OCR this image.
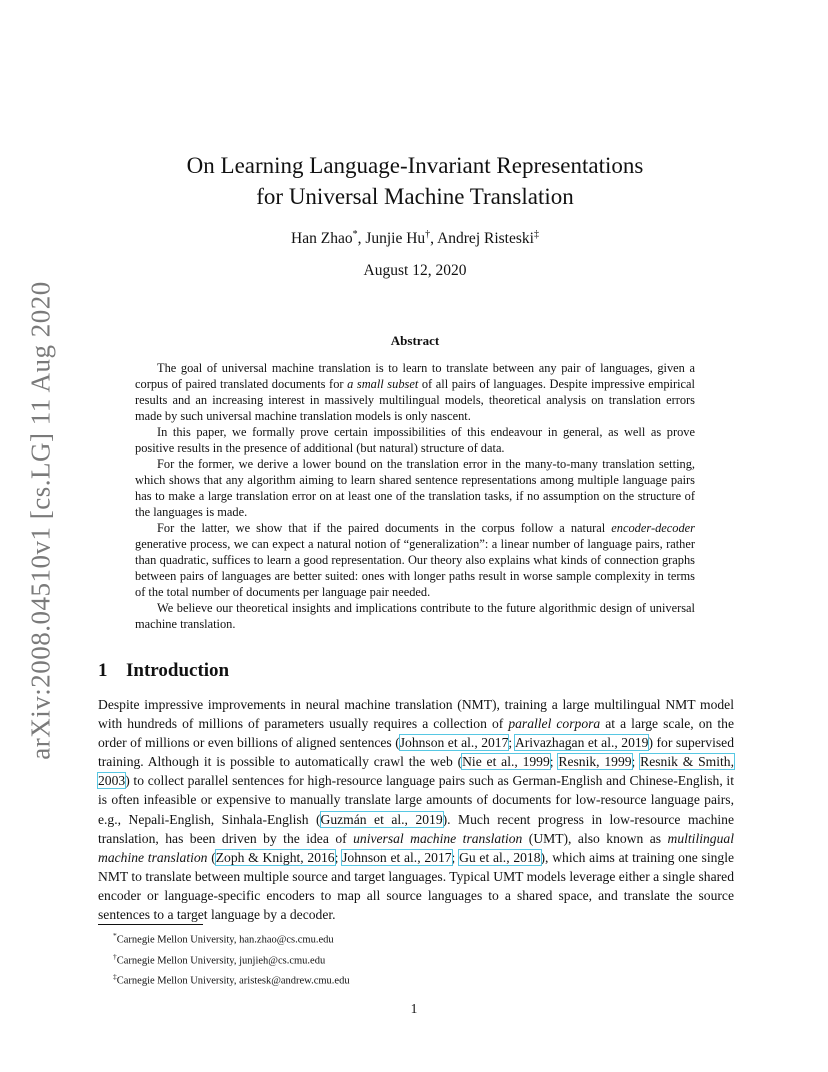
arXiv:2008.04510v1 [cs.LG] 11 Aug 2020
On Learning Language-Invariant Representations
for Universal Machine Translation
Han Zhao*, Junjie Hu†, Andrej Risteski‡
August 12, 2020
Abstract

The goal of universal machine translation is to learn to translate between any pair of languages, given a corpus of paired translated documents for a small subset of all pairs of languages. Despite impressive empirical results and an increasing interest in massively multilingual models, theoretical analysis on translation errors made by such universal machine translation models is only nascent.

In this paper, we formally prove certain impossibilities of this endeavour in general, as well as prove positive results in the presence of additional (but natural) structure of data.

For the former, we derive a lower bound on the translation error in the many-to-many translation setting, which shows that any algorithm aiming to learn shared sentence representations among multiple language pairs has to make a large translation error on at least one of the translation tasks, if no assumption on the structure of the languages is made.

For the latter, we show that if the paired documents in the corpus follow a natural encoder-decoder generative process, we can expect a natural notion of “generalization”: a linear number of language pairs, rather than quadratic, suffices to learn a good representation. Our theory also explains what kinds of connection graphs between pairs of languages are better suited: ones with longer paths result in worse sample complexity in terms of the total number of documents per language pair needed.

We believe our theoretical insights and implications contribute to the future algorithmic design of universal machine translation.

1 Introduction

Despite impressive improvements in neural machine translation (NMT), training a large multilingual NMT model with hundreds of millions of parameters usually requires a collection of parallel corpora at a large scale, on the order of millions or even billions of aligned sentences (Johnson et al., 2017; Arivazhagan et al., 2019) for supervised training. Although it is possible to automatically crawl the web (Nie et al., 1999; Resnik, 1999; Resnik & Smith, 2003) to collect parallel sentences for high-resource language pairs such as German-English and Chinese-English, it is often infeasible or expensive to manually translate large amounts of documents for low-resource language pairs, e.g., Nepali-English, Sinhala-English (Guzmán et al., 2019). Much recent progress in low-resource machine translation, has been driven by the idea of universal machine translation (UMT), also known as multilingual machine translation (Zoph & Knight, 2016; Johnson et al., 2017; Gu et al., 2018), which aims at training one single NMT to translate between multiple source and target languages. Typical UMT models leverage either a single shared encoder or language-specific encoders to map all source languages to a shared space, and translate the source sentences to a target language by a decoder.

*Carnegie Mellon University, han.zhao@cs.cmu.edu
†Carnegie Mellon University, junjieh@cs.cmu.edu
‡Carnegie Mellon University, aristesk@andrew.cmu.edu
1
